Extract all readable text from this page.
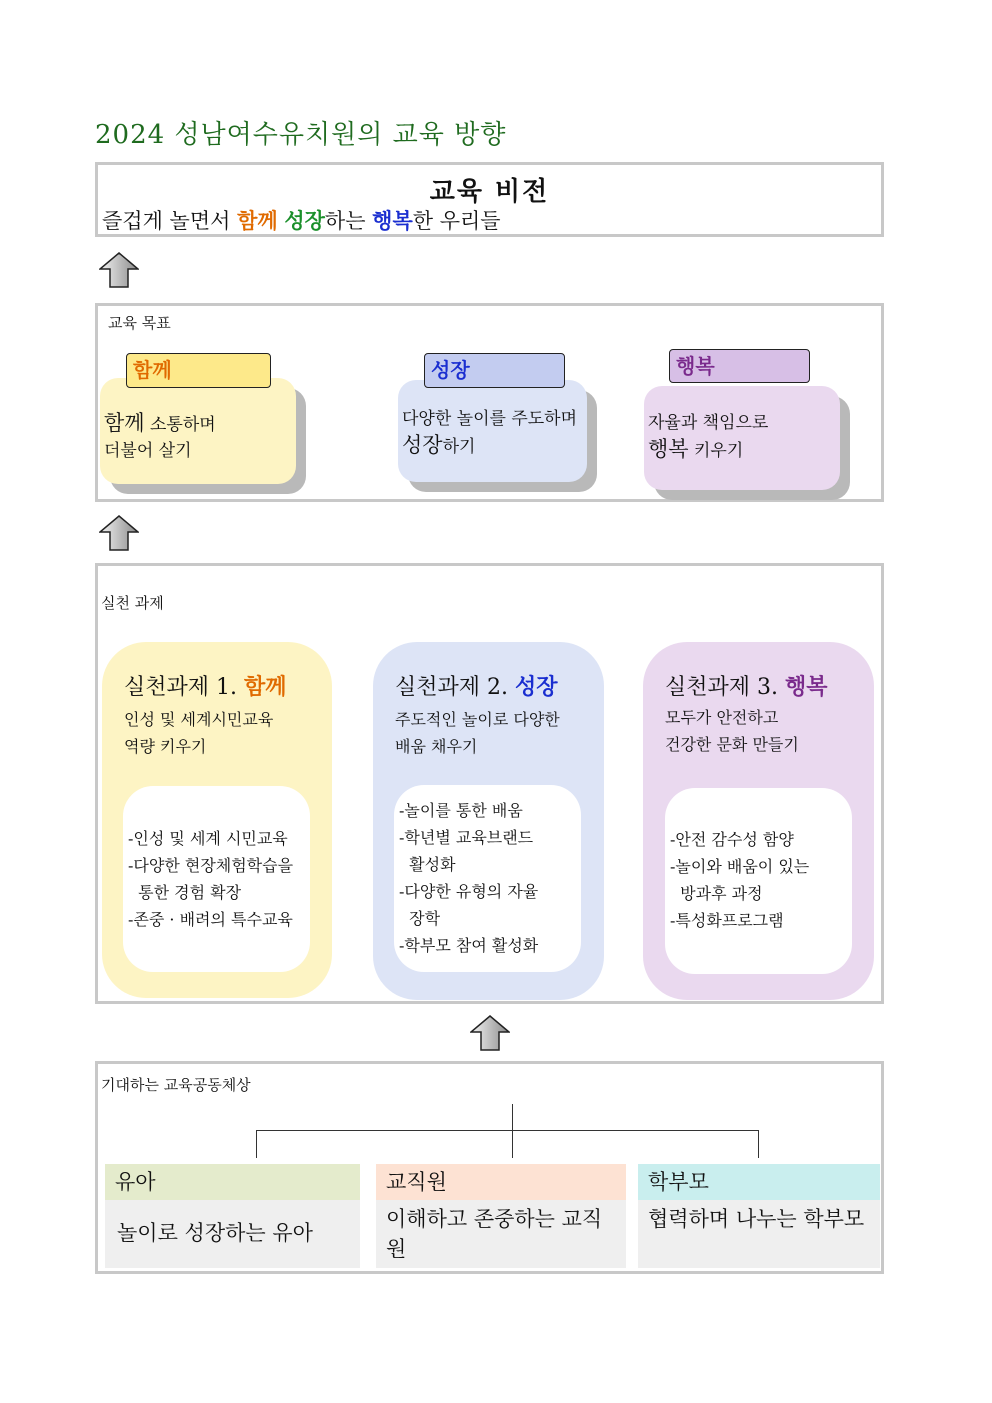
2024 성남여수유치원의 교육 방향
교육 비전
즐겁게 놀면서 함께 성장하는 행복한 우리들
교육 목표
함께
함께 소통하며
더불어 살기
성장
다양한 놀이를 주도하며
성장하기
행복
자율과 책임으로
행복 키우기
실천 과제
실천과제 1. 함께
인성 및 세계시민교육
역량 키우기
-인성 및 세계 시민교육
-다양한 현장체험학습을
통한 경험 확장
-존중 · 배려의 특수교육
실천과제 2. 성장
주도적인 놀이로 다양한
배움 채우기
-놀이를 통한 배움
-학년별 교육브랜드
활성화
-다양한 유형의 자율
장학
-학부모 참여 활성화
실천과제 3. 행복
모두가 안전하고
건강한 문화 만들기
-안전 감수성 함양
-놀이와 배움이 있는
방과후 과정
-특성화프로그램
기대하는 교육공동체상
유아
놀이로 성장하는 유아
교직원
이해하고 존중하는 교직원
학부모
협력하며 나누는 학부모
